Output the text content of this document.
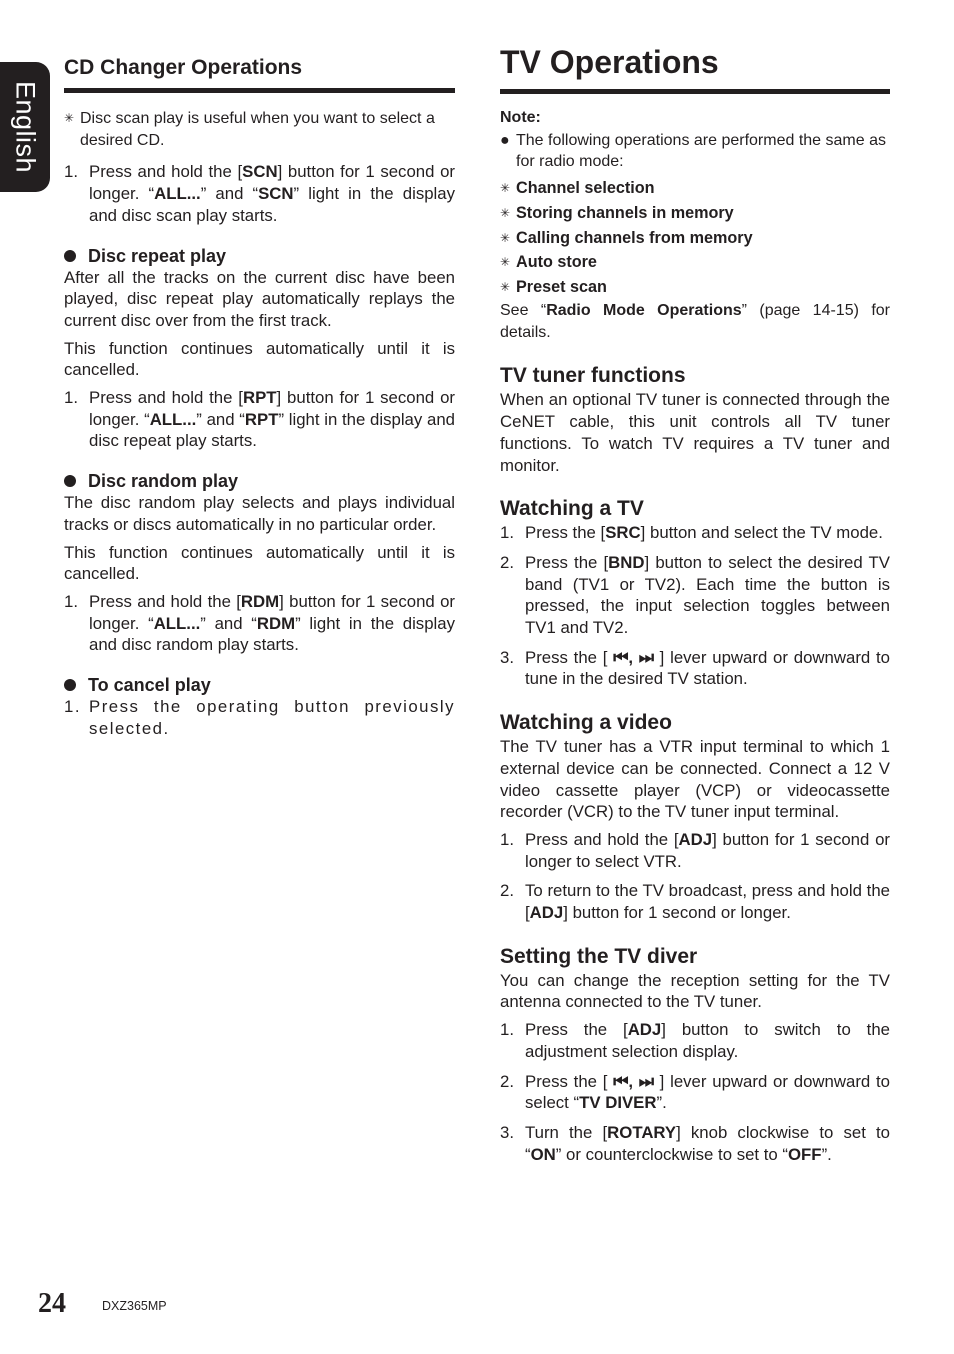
English
CD Changer Operations
✳ Disc scan play is useful when you want to select a desired CD.
1. Press and hold the [SCN] button for 1 second or longer. “ALL...” and “SCN” light in the display and disc scan play starts.
Disc repeat play

After all the tracks on the current disc have been played, disc repeat play automatically replays the current disc over from the first track.

This function continues automatically until it is cancelled.

1. Press and hold the [RPT] button for 1 second or longer. “ALL...” and “RPT” light in the display and disc repeat play starts.
Disc random play

The disc random play selects and plays individual tracks or discs automatically in no particular order.

This function continues automatically until it is cancelled.

1. Press and hold the [RDM] button for 1 second or longer. “ALL...” and “RDM” light in the display and disc random play starts.
To cancel play
1. Press the operating button previously selected.
TV Operations
Note:
● The following operations are performed the same as for radio mode:
✳ Channel selection
✳ Storing channels in memory
✳ Calling channels from memory
✳ Auto store
✳ Preset scan

See “Radio Mode Operations” (page 14-15) for details.

TV tuner functions

When an optional TV tuner is connected through the CeNET cable, this unit controls all TV tuner functions. To watch TV requires a TV tuner and monitor.

Watching a TV
1. Press the [SRC] button and select the TV mode.
2. Press the [BND] button to select the desired TV band (TV1 or TV2). Each time the button is pressed, the input selection toggles between TV1 and TV2.
3. Press the [ ⏮, ⏭ ] lever upward or downward to tune in the desired TV station.
Watching a video

The TV tuner has a VTR input terminal to which 1 external device can be connected. Connect a 12 V video cassette player (VCP) or videocassette recorder (VCR) to the TV tuner input terminal.

1. Press and hold the [ADJ] button for 1 second or longer to select VTR.
2. To return to the TV broadcast, press and hold the [ADJ] button for 1 second or longer.
Setting the TV diver

You can change the reception setting for the TV antenna connected to the TV tuner.

1. Press the [ADJ] button to switch to the adjustment selection display.
2. Press the [ ⏮, ⏭ ] lever upward or downward to select “TV DIVER”.
3. Turn the [ROTARY] knob clockwise to set to “ON” or counterclockwise to set to “OFF”.
24	DXZ365MP
